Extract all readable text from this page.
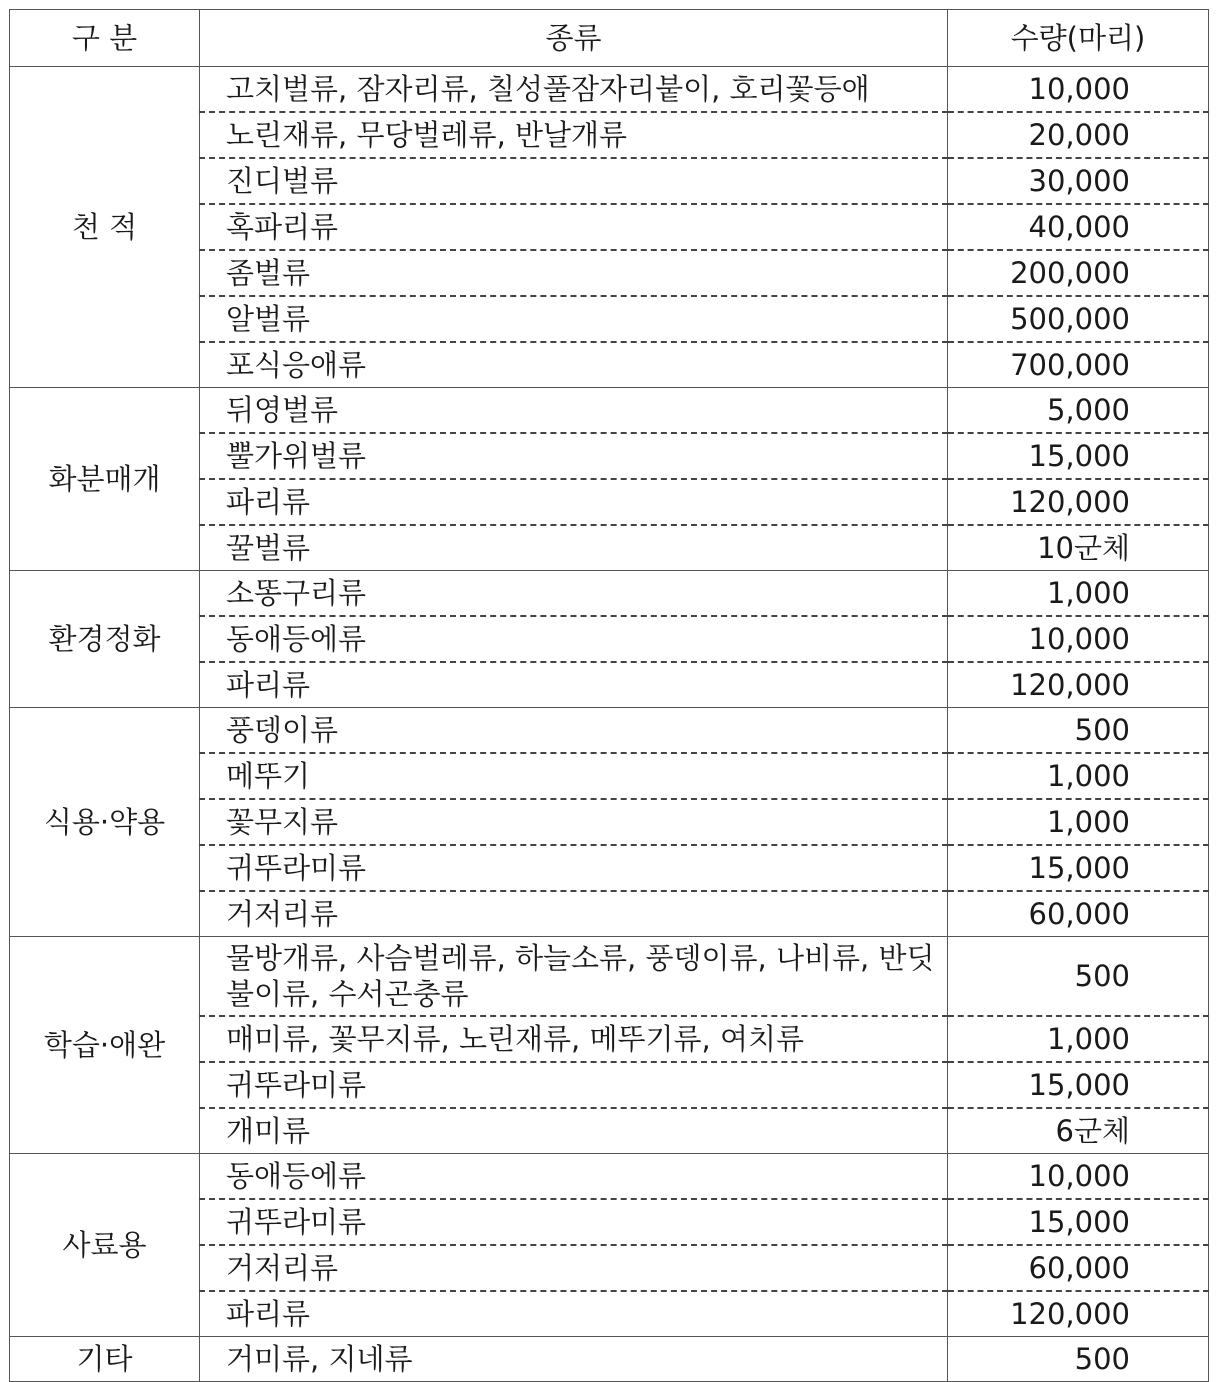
구 분	종류	수량(마리)
천 적	고치벌류, 잠자리류, 칠성풀잠자리붙이, 호리꽃등애	10,000
	노린재류, 무당벌레류, 반날개류	20,000
	진디벌류	30,000
	혹파리류	40,000
	좀벌류	200,000
	알벌류	500,000
	포식응애류	700,000
화분매개	뒤영벌류	5,000
	뿔가위벌류	15,000
	파리류	120,000
	꿀벌류	10군체
환경정화	소똥구리류	1,000
	동애등에류	10,000
	파리류	120,000
식용·약용	풍뎅이류	500
	메뚜기	1,000
	꽃무지류	1,000
	귀뚜라미류	15,000
	거저리류	60,000
학습·애완	물방개류, 사슴벌레류, 하늘소류, 풍뎅이류, 나비류, 반딧불이류, 수서곤충류	500
	매미류, 꽃무지류, 노린재류, 메뚜기류, 여치류	1,000
	귀뚜라미류	15,000
	개미류	6군체
사료용	동애등에류	10,000
	귀뚜라미류	15,000
	거저리류	60,000
	파리류	120,000
기타	거미류, 지네류	500
